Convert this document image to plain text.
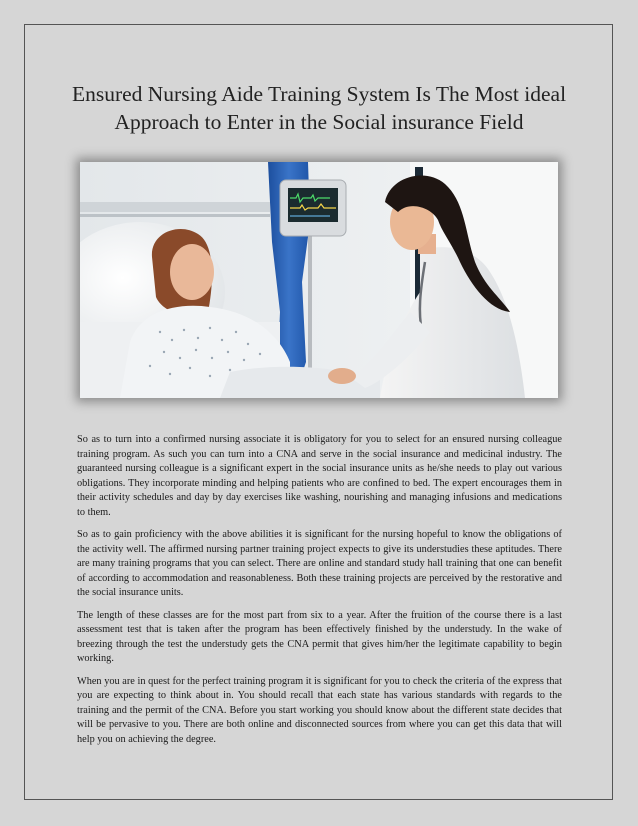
Ensured Nursing Aide Training System Is The Most ideal Approach to Enter in the Social insurance Field

So as to turn into a confirmed nursing associate it is obligatory for you to select for an ensured nursing colleague training program. As such you can turn into a CNA and serve in the social insurance and medicinal industry. The guaranteed nursing colleague is a significant expert in the social insurance units as he/she needs to play out various obligations. They incorporate minding and helping patients who are confined to bed. The expert encourages them in their activity schedules and day by day exercises like washing, nourishing and managing infusions and medications to them.

So as to gain proficiency with the above abilities it is significant for the nursing hopeful to know the obligations of the activity well. The affirmed nursing partner training project expects to give its understudies these aptitudes. There are many training programs that you can select. There are online and standard study hall training that one can benefit of according to accommodation and reasonableness. Both these training projects are perceived by the restorative and the social insurance units.

The length of these classes are for the most part from six to a year. After the fruition of the course there is a last assessment test that is taken after the program has been effectively finished by the understudy. In the wake of breezing through the test the understudy gets the CNA permit that gives him/her the legitimate capability to begin working.

When you are in quest for the perfect training program it is significant for you to check the criteria of the express that you are expecting to think about in. You should recall that each state has various standards with regards to the training and the permit of the CNA. Before you start working you should know about the different state decides that will be pervasive to you. There are both online and disconnected sources from where you can get this data that will help you on achieving the degree.
